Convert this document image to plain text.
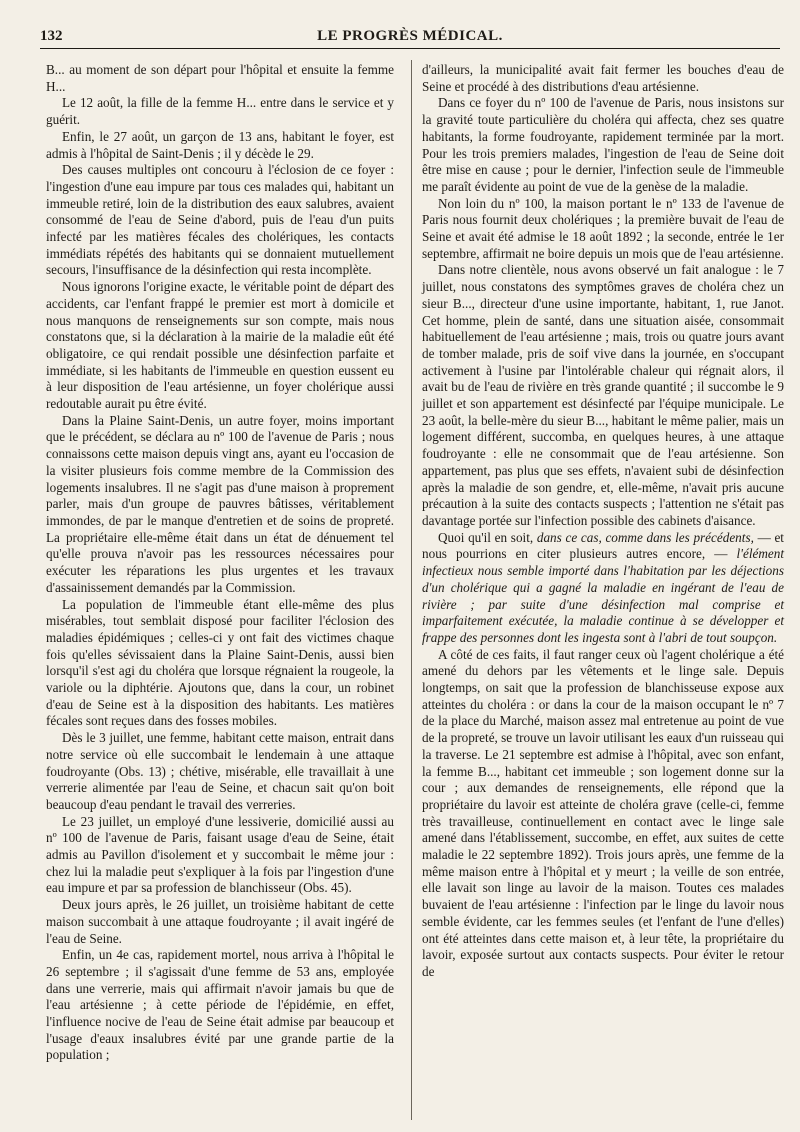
132	LE PROGRÈS MÉDICAL.

B... au moment de son départ pour l'hôpital et ensuite la femme H...

Le 12 août, la fille de la femme H... entre dans le service et y guérit.

Enfin, le 27 août, un garçon de 13 ans, habitant le foyer, est admis à l'hôpital de Saint-Denis ; il y décède le 29.

Des causes multiples ont concouru à l'éclosion de ce foyer : l'ingestion d'une eau impure par tous ces malades qui, habitant un immeuble retiré, loin de la distribution des eaux salubres, avaient consommé de l'eau de Seine d'abord, puis de l'eau d'un puits infecté par les matières fécales des cholériques, les contacts immédiats répétés des habitants qui se donnaient mutuellement secours, l'insuffisance de la désinfection qui resta incomplète.

Nous ignorons l'origine exacte, le véritable point de départ des accidents, car l'enfant frappé le premier est mort à domicile et nous manquons de renseignements sur son compte, mais nous constatons que, si la déclaration à la mairie de la maladie eût été obligatoire, ce qui rendait possible une désinfection parfaite et immédiate, si les habitants de l'immeuble en question eussent eu à leur disposition de l'eau artésienne, un foyer cholérique aussi redoutable aurait pu être évité.

Dans la Plaine Saint-Denis, un autre foyer, moins important que le précédent, se déclara au nº 100 de l'avenue de Paris ; nous connaissons cette maison depuis vingt ans, ayant eu l'occasion de la visiter plusieurs fois comme membre de la Commission des logements insalubres. Il ne s'agit pas d'une maison à proprement parler, mais d'un groupe de pauvres bâtisses, véritablement immondes, de par le manque d'entretien et de soins de propreté. La propriétaire elle-même était dans un état de dénuement tel qu'elle prouva n'avoir pas les ressources nécessaires pour exécuter les réparations les plus urgentes et les travaux d'assainissement demandés par la Commission.

La population de l'immeuble étant elle-même des plus misérables, tout semblait disposé pour faciliter l'éclosion des maladies épidémiques ; celles-ci y ont fait des victimes chaque fois qu'elles sévissaient dans la Plaine Saint-Denis, aussi bien lorsqu'il s'est agi du choléra que lorsque régnaient la rougeole, la variole ou la diphtérie. Ajoutons que, dans la cour, un robinet d'eau de Seine est à la disposition des habitants. Les matières fécales sont reçues dans des fosses mobiles.

Dès le 3 juillet, une femme, habitant cette maison, entrait dans notre service où elle succombait le lendemain à une attaque foudroyante (Obs. 13) ; chétive, misérable, elle travaillait à une verrerie alimentée par l'eau de Seine, et chacun sait qu'on boit beaucoup d'eau pendant le travail des verreries.

Le 23 juillet, un employé d'une lessiverie, domicilié aussi au nº 100 de l'avenue de Paris, faisant usage d'eau de Seine, était admis au Pavillon d'isolement et y succombait le même jour : chez lui la maladie peut s'expliquer à la fois par l'ingestion d'une eau impure et par sa profession de blanchisseur (Obs. 45).

Deux jours après, le 26 juillet, un troisième habitant de cette maison succombait à une attaque foudroyante ; il avait ingéré de l'eau de Seine.

Enfin, un 4e cas, rapidement mortel, nous arriva à l'hôpital le 26 septembre ; il s'agissait d'une femme de 53 ans, employée dans une verrerie, mais qui affirmait n'avoir jamais bu que de l'eau artésienne ; à cette période de l'épidémie, en effet, l'influence nocive de l'eau de Seine était admise par beaucoup et l'usage d'eaux insalubres évité par une grande partie de la population ;

d'ailleurs, la municipalité avait fait fermer les bouches d'eau de Seine et procédé à des distributions d'eau artésienne.

Dans ce foyer du nº 100 de l'avenue de Paris, nous insistons sur la gravité toute particulière du choléra qui affecta, chez ses quatre habitants, la forme foudroyante, rapidement terminée par la mort. Pour les trois premiers malades, l'ingestion de l'eau de Seine doit être mise en cause ; pour le dernier, l'infection seule de l'immeuble me paraît évidente au point de vue de la genèse de la maladie.

Non loin du nº 100, la maison portant le nº 133 de l'avenue de Paris nous fournit deux cholériques ; la première buvait de l'eau de Seine et avait été admise le 18 août 1892 ; la seconde, entrée le 1er septembre, affirmait ne boire depuis un mois que de l'eau artésienne.

Dans notre clientèle, nous avons observé un fait analogue : le 7 juillet, nous constatons des symptômes graves de choléra chez un sieur B..., directeur d'une usine importante, habitant, 1, rue Janot. Cet homme, plein de santé, dans une situation aisée, consommait habituellement de l'eau artésienne ; mais, trois ou quatre jours avant de tomber malade, pris de soif vive dans la journée, en s'occupant activement à l'usine par l'intolérable chaleur qui régnait alors, il avait bu de l'eau de rivière en très grande quantité ; il succombe le 9 juillet et son appartement est désinfecté par l'équipe municipale. Le 23 août, la belle-mère du sieur B..., habitant le même palier, mais un logement différent, succomba, en quelques heures, à une attaque foudroyante : elle ne consommait que de l'eau artésienne. Son appartement, pas plus que ses effets, n'avaient subi de désinfection après la maladie de son gendre, et, elle-même, n'avait pris aucune précaution à la suite des contacts suspects ; l'attention ne s'était pas davantage portée sur l'infection possible des cabinets d'aisance.

Quoi qu'il en soit, dans ce cas, comme dans les précédents, — et nous pourrions en citer plusieurs autres encore, — l'élément infectieux nous semble importé dans l'habitation par les déjections d'un cholérique qui a gagné la maladie en ingérant de l'eau de rivière ; par suite d'une désinfection mal comprise et imparfaitement exécutée, la maladie continue à se développer et frappe des personnes dont les ingesta sont à l'abri de tout soupçon.

A côté de ces faits, il faut ranger ceux où l'agent cholérique a été amené du dehors par les vêtements et le linge sale. Depuis longtemps, on sait que la profession de blanchisseuse expose aux atteintes du choléra : or dans la cour de la maison occupant le nº 7 de la place du Marché, maison assez mal entretenue au point de vue de la propreté, se trouve un lavoir utilisant les eaux d'un ruisseau qui la traverse. Le 21 septembre est admise à l'hôpital, avec son enfant, la femme B..., habitant cet immeuble ; son logement donne sur la cour ; aux demandes de renseignements, elle répond que la propriétaire du lavoir est atteinte de choléra grave (celle-ci, femme très travailleuse, continuellement en contact avec le linge sale amené dans l'établissement, succombe, en effet, aux suites de cette maladie le 22 septembre 1892). Trois jours après, une femme de la même maison entre à l'hôpital et y meurt ; la veille de son entrée, elle lavait son linge au lavoir de la maison. Toutes ces malades buvaient de l'eau artésienne : l'infection par le linge du lavoir nous semble évidente, car les femmes seules (et l'enfant de l'une d'elles) ont été atteintes dans cette maison et, à leur tête, la propriétaire du lavoir, exposée surtout aux contacts suspects. Pour éviter le retour de
